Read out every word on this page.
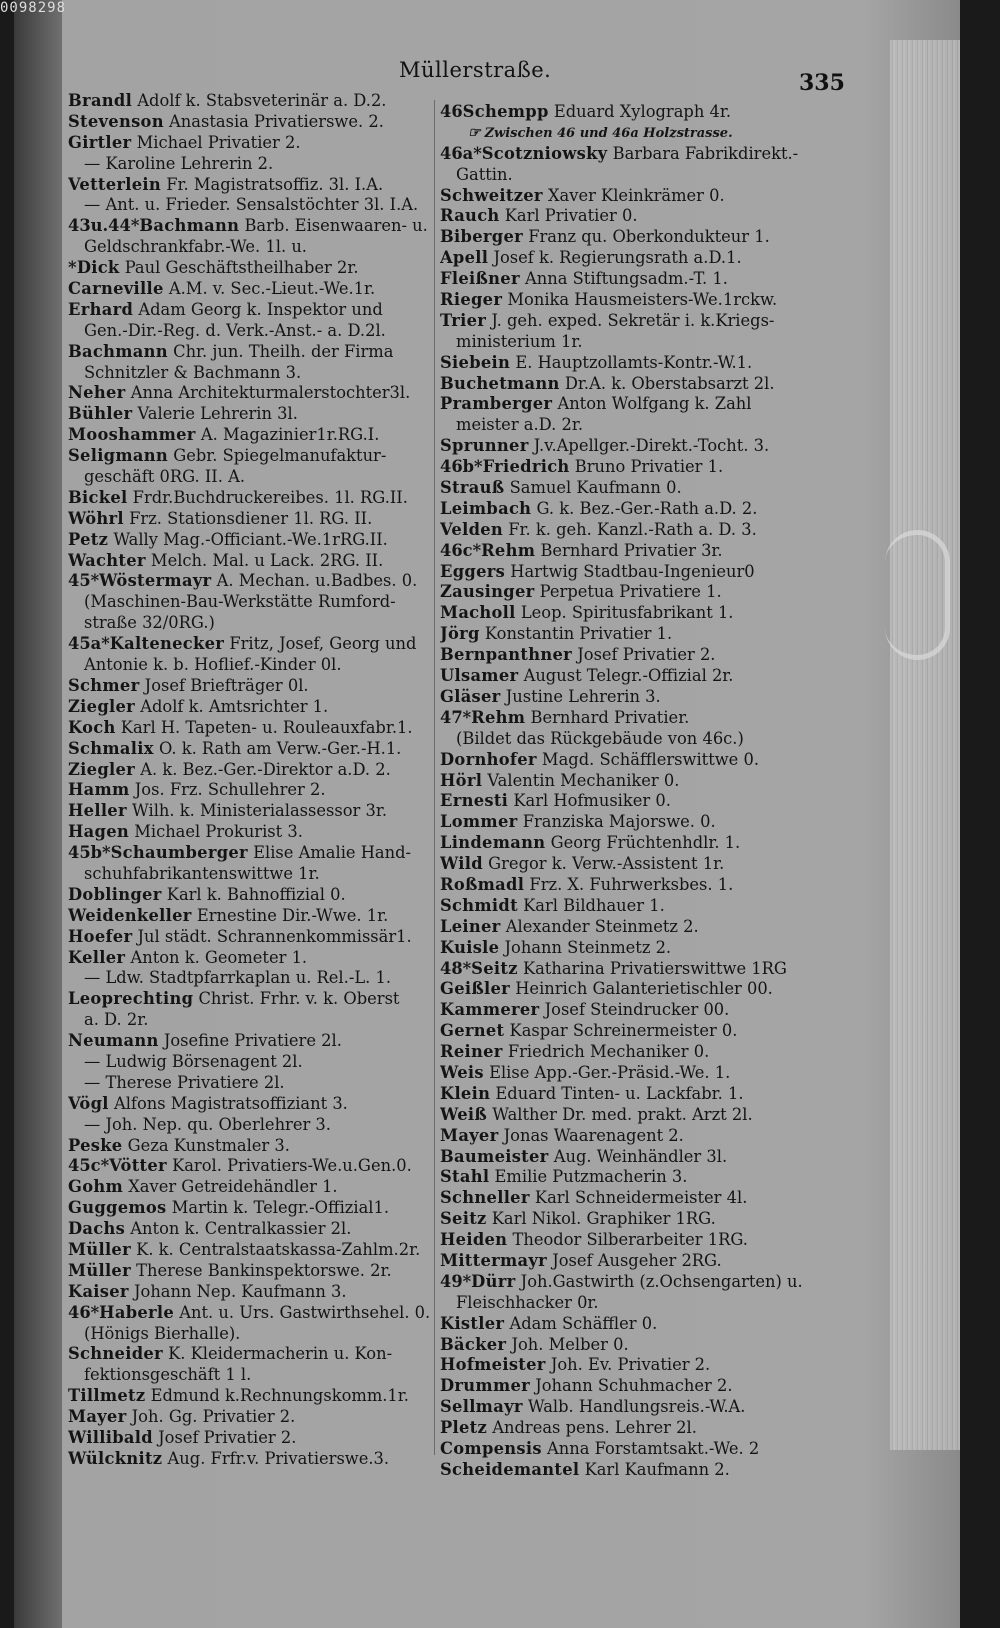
Müllerstraße.	335
Brandl Adolf k. Stabsveterinär a. D.2.
Stevenson Anastasia Privatierswe. 2.
Girtler Michael Privatier 2.
— Karoline Lehrerin 2.
Vetterlein Fr. Magistratsoffiz. 3l. I.A.
— Ant. u. Frieder. Sensalstöchter 3l. I.A.
43u.44*Bachmann Barb. Eisenwaaren- u.
Geldschrankfabr.-We. 1l. u.
*Dick Paul Geschäftstheilhaber 2r.
Carneville A.M. v. Sec.-Lieut.-We.1r.
Erhard Adam Georg k. Inspektor und
Gen.-Dir.-Reg. d. Verk.-Anst.- a. D.2l.
Bachmann Chr. jun. Theilh. der Firma
Schnitzler & Bachmann 3.
Neher Anna Architekturmalerstochter3l.
Bühler Valerie Lehrerin 3l.
Mooshammer A. Magazinier1r.RG.I.
Seligmann Gebr. Spiegelmanufaktur-
geschäft 0RG. II. A.
Bickel Frdr.Buchdruckereibes. 1l. RG.II.
Wöhrl Frz. Stationsdiener 1l. RG. II.
Petz Wally Mag.-Officiant.-We.1rRG.II.
Wachter Melch. Mal. u Lack. 2RG. II.
45*Wöstermayr A. Mechan. u.Badbes. 0.
(Maschinen-Bau-Werkstätte Rumford-
straße 32/0RG.)
45a*Kaltenecker Fritz, Josef, Georg und
Antonie k. b. Hoflief.-Kinder 0l.
Schmer Josef Briefträger 0l.
Ziegler Adolf k. Amtsrichter 1.
Koch Karl H. Tapeten- u. Rouleauxfabr.1.
Schmalix O. k. Rath am Verw.-Ger.-H.1.
Ziegler A. k. Bez.-Ger.-Direktor a.D. 2.
Hamm Jos. Frz. Schullehrer 2.
Heller Wilh. k. Ministerialassessor 3r.
Hagen Michael Prokurist 3.
45b*Schaumberger Elise Amalie Hand-
schuhfabrikantenswittwe 1r.
Doblinger Karl k. Bahnoffizial 0.
Weidenkeller Ernestine Dir.-Wwe. 1r.
Hoefer Jul städt. Schrannenkommissär1.
Keller Anton k. Geometer 1.
— Ldw. Stadtpfarrkaplan u. Rel.-L. 1.
Leoprechting Christ. Frhr. v. k. Oberst
a. D. 2r.
Neumann Josefine Privatiere 2l.
— Ludwig Börsenagent 2l.
— Therese Privatiere 2l.
Vögl Alfons Magistratsoffiziant 3.
— Joh. Nep. qu. Oberlehrer 3.
Peske Geza Kunstmaler 3.
45c*Vötter Karol. Privatiers-We.u.Gen.0.
Gohm Xaver Getreidehändler 1.
Guggemos Martin k. Telegr.-Offizial1.
Dachs Anton k. Centralkassier 2l.
Müller K. k. Centralstaatskassa-Zahlm.2r.
Müller Therese Bankinspektorswe. 2r.
Kaiser Johann Nep. Kaufmann 3.
46*Haberle Ant. u. Urs. Gastwirthsehel. 0.
(Hönigs Bierhalle).
Schneider K. Kleidermacherin u. Kon-
fektionsgeschäft 1 l.
Tillmetz Edmund k.Rechnungskomm.1r.
Mayer Joh. Gg. Privatier 2.
Willibald Josef Privatier 2.
Wülcknitz Aug. Frfr.v. Privatierswe.3.
46Schempp Eduard Xylograph 4r.
☞ Zwischen 46 und 46a Holzstrasse.
46a*Scotzniowsky Barbara Fabrikdirekt.-
Gattin.
Schweitzer Xaver Kleinkrämer 0.
Rauch Karl Privatier 0.
Biberger Franz qu. Oberkondukteur 1.
Apell Josef k. Regierungsrath a.D.1.
Fleißner Anna Stiftungsadm.-T. 1.
Rieger Monika Hausmeisters-We.1rckw.
Trier J. geh. exped. Sekretär i. k.Kriegs-
ministerium 1r.
Siebein E. Hauptzollamts-Kontr.-W.1.
Buchetmann Dr.A. k. Oberstabsarzt 2l.
Pramberger Anton Wolfgang k. Zahl
meister a.D. 2r.
Sprunner J.v.Apellger.-Direkt.-Tocht. 3.
46b*Friedrich Bruno Privatier 1.
Strauß Samuel Kaufmann 0.
Leimbach G. k. Bez.-Ger.-Rath a.D. 2.
Velden Fr. k. geh. Kanzl.-Rath a. D. 3.
46c*Rehm Bernhard Privatier 3r.
Eggers Hartwig Stadtbau-Ingenieur0
Zausinger Perpetua Privatiere 1.
Macholl Leop. Spiritusfabrikant 1.
Jörg Konstantin Privatier 1.
Bernpanthner Josef Privatier 2.
Ulsamer August Telegr.-Offizial 2r.
Gläser Justine Lehrerin 3.
47*Rehm Bernhard Privatier.
(Bildet das Rückgebäude von 46c.)
Dornhofer Magd. Schäfflerswittwe 0.
Hörl Valentin Mechaniker 0.
Ernesti Karl Hofmusiker 0.
Lommer Franziska Majorswe. 0.
Lindemann Georg Früchtenhdlr. 1.
Wild Gregor k. Verw.-Assistent 1r.
Roßmadl Frz. X. Fuhrwerksbes. 1.
Schmidt Karl Bildhauer 1.
Leiner Alexander Steinmetz 2.
Kuisle Johann Steinmetz 2.
48*Seitz Katharina Privatierswittwe 1RG
Geißler Heinrich Galanterietischler 00.
Kammerer Josef Steindrucker 00.
Gernet Kaspar Schreinermeister 0.
Reiner Friedrich Mechaniker 0.
Weis Elise App.-Ger.-Präsid.-We. 1.
Klein Eduard Tinten- u. Lackfabr. 1.
Weiß Walther Dr. med. prakt. Arzt 2l.
Mayer Jonas Waarenagent 2.
Baumeister Aug. Weinhändler 3l.
Stahl Emilie Putzmacherin 3.
Schneller Karl Schneidermeister 4l.
Seitz Karl Nikol. Graphiker 1RG.
Heiden Theodor Silberarbeiter 1RG.
Mittermayr Josef Ausgeher 2RG.
49*Dürr Joh.Gastwirth (z.Ochsengarten) u.
Fleischhacker 0r.
Kistler Adam Schäffler 0.
Bäcker Joh. Melber 0.
Hofmeister Joh. Ev. Privatier 2.
Drummer Johann Schuhmacher 2.
Sellmayr Walb. Handlungsreis.-W.A.
Pletz Andreas pens. Lehrer 2l.
Compensis Anna Forstamtsakt.-We. 2
Scheidemantel Karl Kaufmann 2.
0098298
